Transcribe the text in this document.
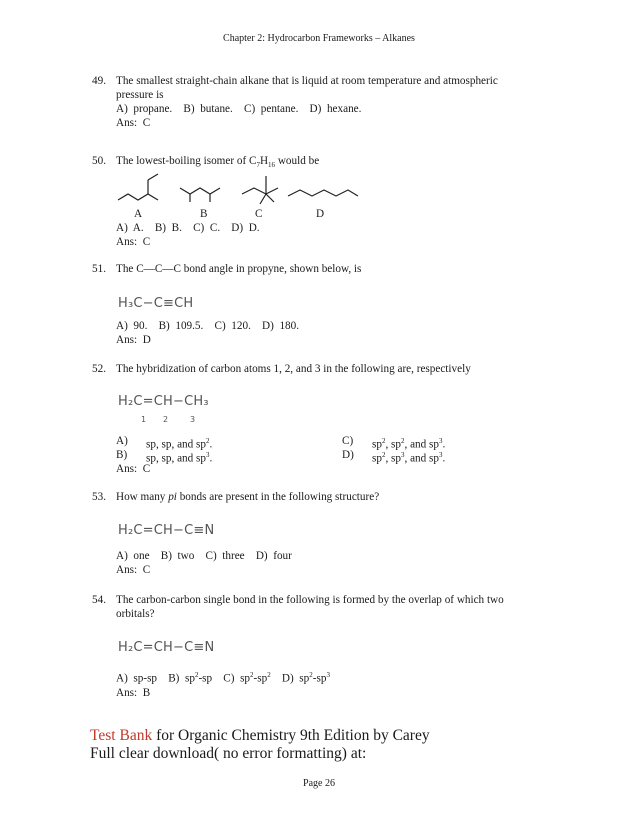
Chapter 2: Hydrocarbon Frameworks – Alkanes
49. The smallest straight-chain alkane that is liquid at room temperature and atmospheric
pressure is
A)  propane.    B)  butane.    C)  pentane.    D)  hexane.
Ans:  C
50. The lowest-boiling isomer of $C_7H_{16}$ would be
A	B	C	D
A)  A.    B)  B.    C)  C.    D)  D.
Ans:  C
51. The C—C—C bond angle in propyne, shown below, is
H₃C−C≡CH
A)  90.    B)  109.5.    C)  120.    D)  180.
Ans:  D
52. The hybridization of carbon atoms 1, 2, and 3 in the following are, respectively
H₂C=CH−CH₃
1 2	3
A) sp, sp, and $sp^2$.	C) $sp^2$, $sp^2$, and $sp^3$.
B) sp, sp, and $sp^3$.	D) $sp^2$, $sp^3$, and $sp^3$.
Ans:  C
53. How many pi bonds are present in the following structure?
H₂C=CH−C≡N
A)  one    B)  two    C)  three    D)  four
Ans:  C
54. The carbon-carbon single bond in the following is formed by the overlap of which two
orbitals?
H₂C=CH−C≡N
A)  sp-sp    B)  $sp^2-sp$    C)  $sp^2-sp^2$    D)  $sp^2-sp^3$
Ans:  B
Test Bank for Organic Chemistry 9th Edition by Carey
Full clear download( no error formatting) at:
Page 26
